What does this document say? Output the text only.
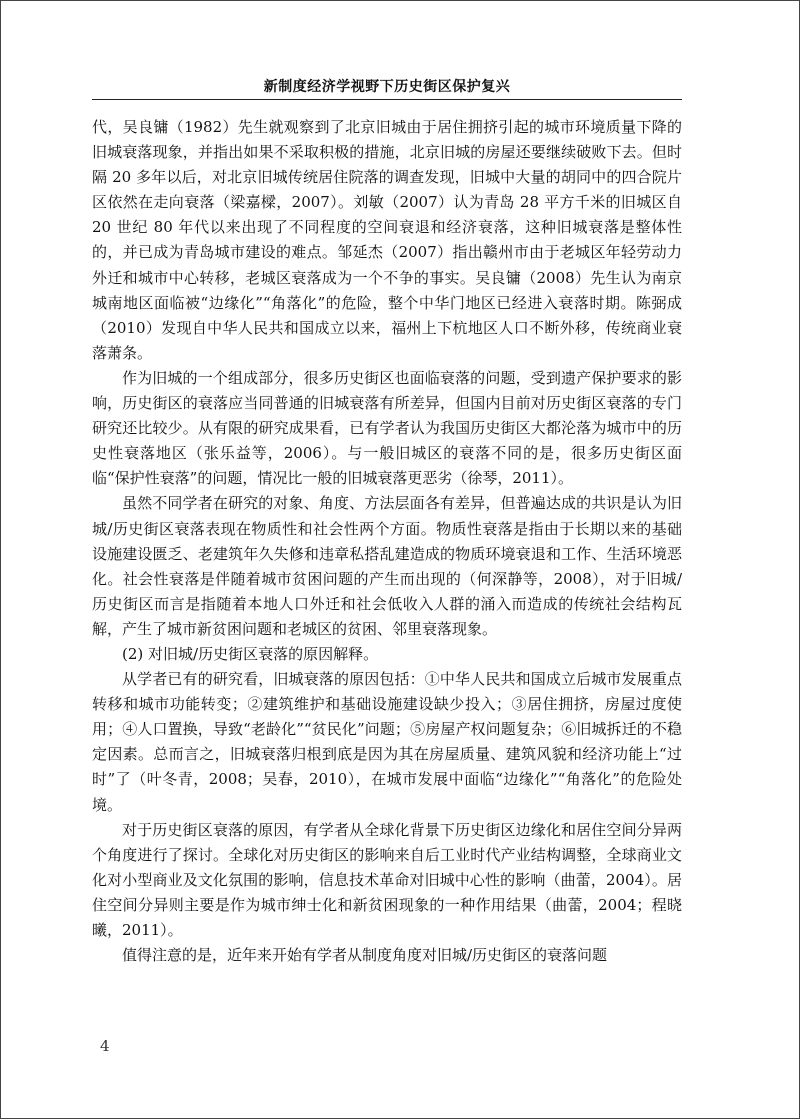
新制度经济学视野下历史街区保护复兴

代，吴良镛（1982）先生就观察到了北京旧城由于居住拥挤引起的城市环境质量下降的旧城衰落现象，并指出如果不采取积极的措施，北京旧城的房屋还要继续破败下去。但时隔 20 多年以后，对北京旧城传统居住院落的调查发现，旧城中大量的胡同中的四合院片区依然在走向衰落（梁嘉樑，2007）。刘敏（2007）认为青岛 28 平方千米的旧城区自 20 世纪 80 年代以来出现了不同程度的空间衰退和经济衰落，这种旧城衰落是整体性的，并已成为青岛城市建设的难点。邹延杰（2007）指出赣州市由于老城区年轻劳动力外迁和城市中心转移，老城区衰落成为一个不争的事实。吴良镛（2008）先生认为南京城南地区面临被“边缘化”“角落化”的危险，整个中华门地区已经进入衰落时期。陈弼成（2010）发现自中华人民共和国成立以来，福州上下杭地区人口不断外移，传统商业衰落萧条。

作为旧城的一个组成部分，很多历史街区也面临衰落的问题，受到遗产保护要求的影响，历史街区的衰落应当同普通的旧城衰落有所差异，但国内目前对历史街区衰落的专门研究还比较少。从有限的研究成果看，已有学者认为我国历史街区大都沦落为城市中的历史性衰落地区（张乐益等，2006）。与一般旧城区的衰落不同的是，很多历史街区面临“保护性衰落”的问题，情况比一般的旧城衰落更恶劣（徐琴，2011）。

虽然不同学者在研究的对象、角度、方法层面各有差异，但普遍达成的共识是认为旧城/历史街区衰落表现在物质性和社会性两个方面。物质性衰落是指由于长期以来的基础设施建设匮乏、老建筑年久失修和违章私搭乱建造成的物质环境衰退和工作、生活环境恶化。社会性衰落是伴随着城市贫困问题的产生而出现的（何深静等，2008），对于旧城/历史街区而言是指随着本地人口外迁和社会低收入人群的涌入而造成的传统社会结构瓦解，产生了城市新贫困问题和老城区的贫困、邻里衰落现象。

(2) 对旧城/历史街区衰落的原因解释。

从学者已有的研究看，旧城衰落的原因包括：①中华人民共和国成立后城市发展重点转移和城市功能转变；②建筑维护和基础设施建设缺少投入；③居住拥挤，房屋过度使用；④人口置换，导致“老龄化”“贫民化”问题；⑤房屋产权问题复杂；⑥旧城拆迁的不稳定因素。总而言之，旧城衰落归根到底是因为其在房屋质量、建筑风貌和经济功能上“过时”了（叶冬青，2008；吴春，2010），在城市发展中面临“边缘化”“角落化”的危险处境。

对于历史街区衰落的原因，有学者从全球化背景下历史街区边缘化和居住空间分异两个角度进行了探讨。全球化对历史街区的影响来自后工业时代产业结构调整，全球商业文化对小型商业及文化氛围的影响，信息技术革命对旧城中心性的影响（曲蕾，2004）。居住空间分异则主要是作为城市绅士化和新贫困现象的一种作用结果（曲蕾，2004；程晓曦，2011）。

值得注意的是，近年来开始有学者从制度角度对旧城/历史街区的衰落问题

4
